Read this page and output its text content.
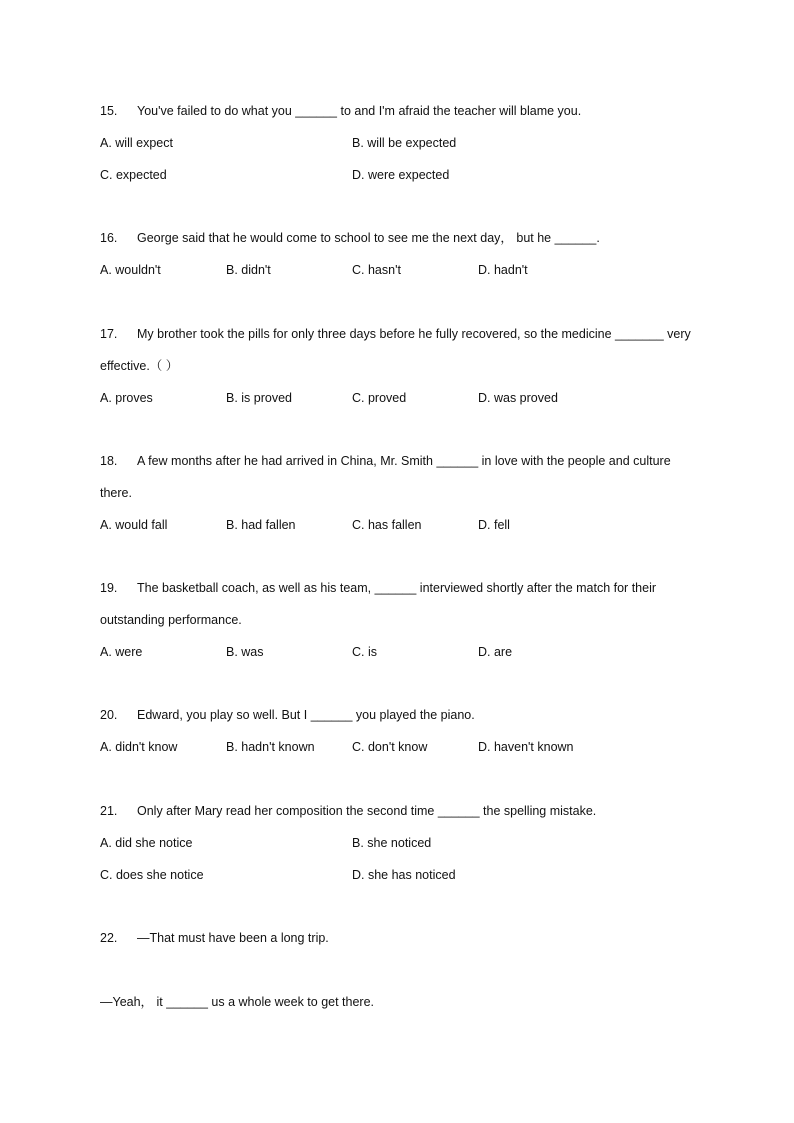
15.	You've failed to do what you ______ to and I'm afraid the teacher will blame you.
A. will expect	B. will be expected
C. expected	D. were expected
16.	George said that he would come to school to see me the next day， but he ______.
A. wouldn't	B. didn't	C. hasn't	D. hadn't
17.	My brother took the pills for only three days before he fully recovered, so the medicine _______ very
effective.（ ）
A. proves	B. is proved	C. proved	D. was proved
18.	A few months after he had arrived in China, Mr. Smith ______ in love with the people and culture
there.
A. would fall	B. had fallen	C. has fallen	D. fell
19.	The basketball coach, as well as his team, ______ interviewed shortly after the match for their
outstanding performance.
A. were	B. was	C. is	D. are
20.	Edward, you play so well. But I ______ you played the piano.
A. didn't know	B. hadn't known	C. don't know	D. haven't known
21.	Only after Mary read her composition the second time ______ the spelling mistake.
A. did she notice	B. she noticed
C. does she notice	D. she has noticed
22.	—That must have been a long trip.
—Yeah， it ______ us a whole week to get there.
